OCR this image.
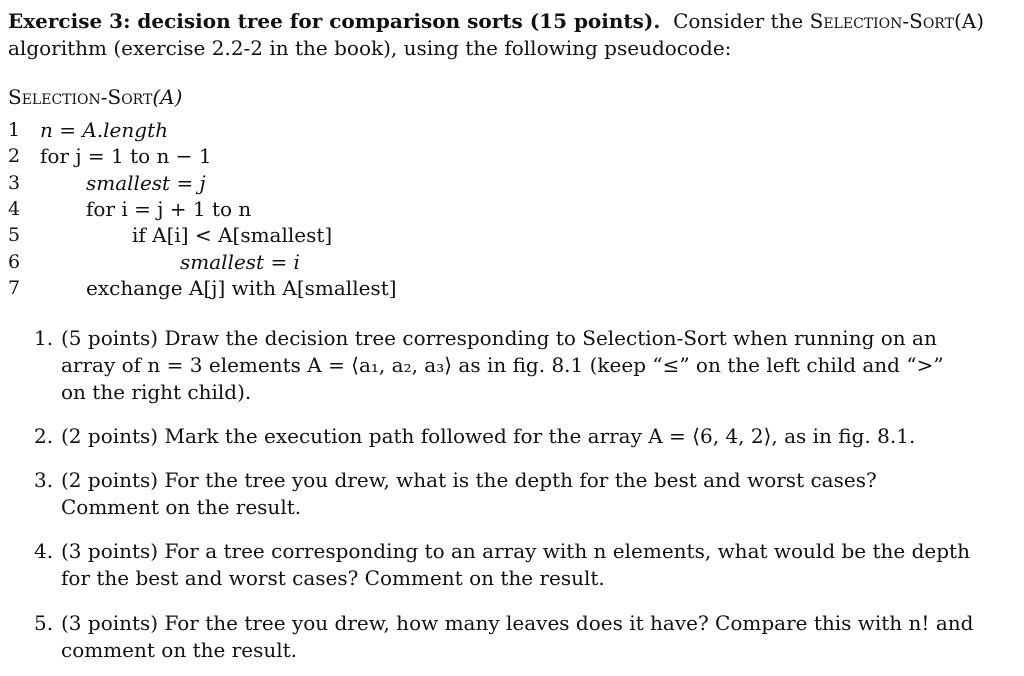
Exercise 3: decision tree for comparison sorts (15 points). Consider the Selection-Sort(A)
algorithm (exercise 2.2-2 in the book), using the following pseudocode:
Selection-Sort(A)
1 n = A.length
2 for j = 1 to n − 1
3	smallest = j
4	for i = j + 1 to n
5	if A[i] < A[smallest]
6	smallest = i
7	exchange A[j] with A[smallest]
1. (5 points) Draw the decision tree corresponding to Selection-Sort when running on an array of n = 3 elements A = ⟨a₁, a₂, a₃⟩ as in fig. 8.1 (keep “≤” on the left child and “>” on the right child).
2. (2 points) Mark the execution path followed for the array A = ⟨6, 4, 2⟩, as in fig. 8.1.
3. (2 points) For the tree you drew, what is the depth for the best and worst cases? Comment on the result.
4. (3 points) For a tree corresponding to an array with n elements, what would be the depth for the best and worst cases? Comment on the result.
5. (3 points) For the tree you drew, how many leaves does it have? Compare this with n! and comment on the result.
